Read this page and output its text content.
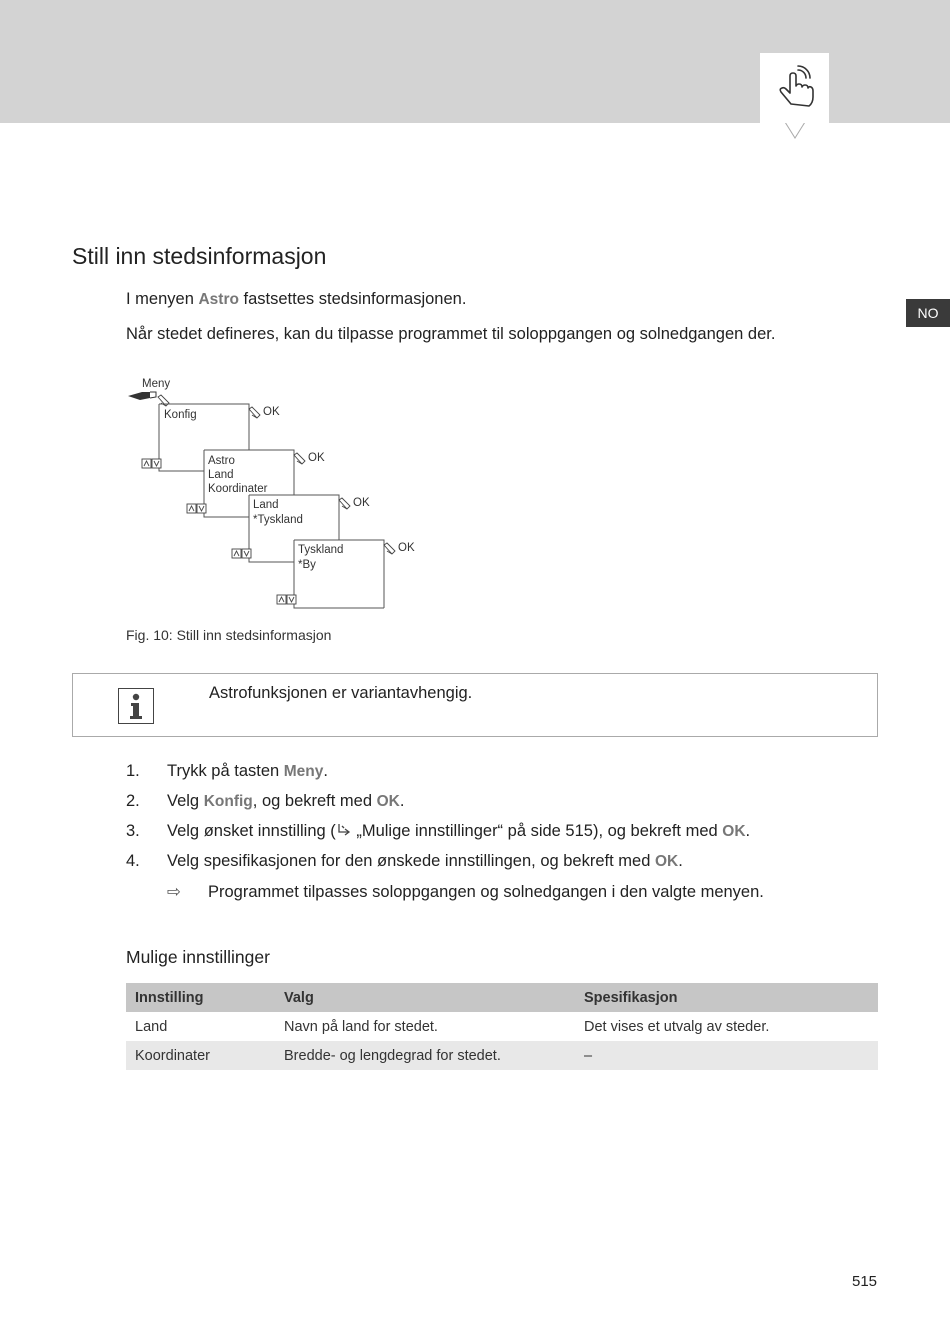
NO
Still inn stedsinformasjon

I menyen Astro fastsettes stedsinformasjonen.

Når stedet defineres, kan du tilpasse programmet til soloppgangen og solnedgangen der.

Meny
Konfig	OK
Astro
Land
Koordinater
OK
Land
*Tyskland
OK
Tyskland
*By
OK

Fig. 10: Still inn stedsinformasjon

Astrofunksjonen er variantavhengig.
1. Trykk på tasten Meny.
2. Velg Konfig, og bekreft med OK.
3. Velg ønsket innstilling ( „Mulige innstillinger“ på side 515), og bekreft med OK.
4. Velg spesifikasjonen for den ønskede innstillingen, og bekreft med OK.
⇨ Programmet tilpasses soloppgangen og solnedgangen i den valgte menyen.
Mulige innstillinger
Innstilling	Valg	Spesifikasjon
Land	Navn på land for stedet.	Det vises et utvalg av steder.
Koordinater	Bredde- og lengdegrad for stedet.	–
515
